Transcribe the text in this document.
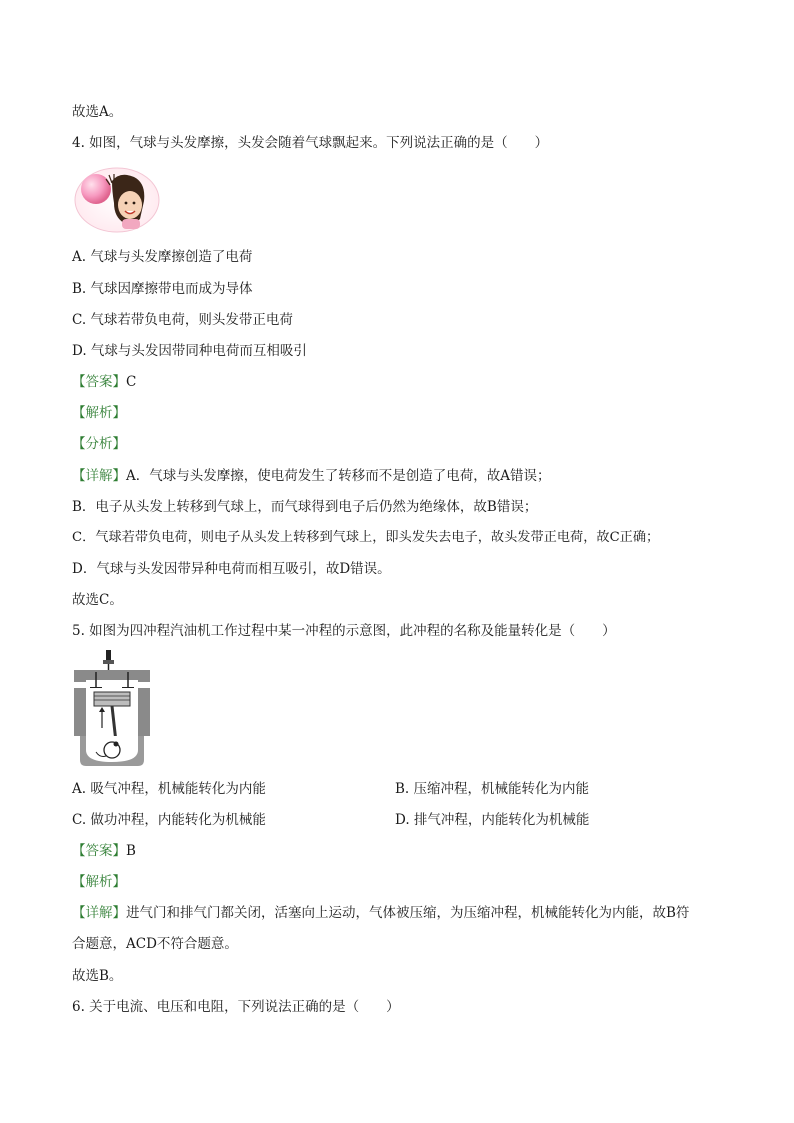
故选A。
4. 如图，气球与头发摩擦，头发会随着气球飘起来。下列说法正确的是（　　）
A. 气球与头发摩擦创造了电荷
B. 气球因摩擦带电而成为导体
C. 气球若带负电荷，则头发带正电荷
D. 气球与头发因带同种电荷而互相吸引
【答案】C
【解析】
【分析】
【详解】A．气球与头发摩擦，使电荷发生了转移而不是创造了电荷，故A错误；
B．电子从头发上转移到气球上，而气球得到电子后仍然为绝缘体，故B错误；
C．气球若带负电荷，则电子从头发上转移到气球上，即头发失去电子，故头发带正电荷，故C正确；
D．气球与头发因带异种电荷而相互吸引，故D错误。
故选C。
5. 如图为四冲程汽油机工作过程中某一冲程的示意图，此冲程的名称及能量转化是（　　）
A. 吸气冲程，机械能转化为内能	B. 压缩冲程，机械能转化为内能
C. 做功冲程，内能转化为机械能	D. 排气冲程，内能转化为机械能
【答案】B
【解析】
【详解】进气门和排气门都关闭，活塞向上运动，气体被压缩，为压缩冲程，机械能转化为内能，故B符
合题意，ACD不符合题意。
故选B。
6. 关于电流、电压和电阻，下列说法正确的是（　　）
